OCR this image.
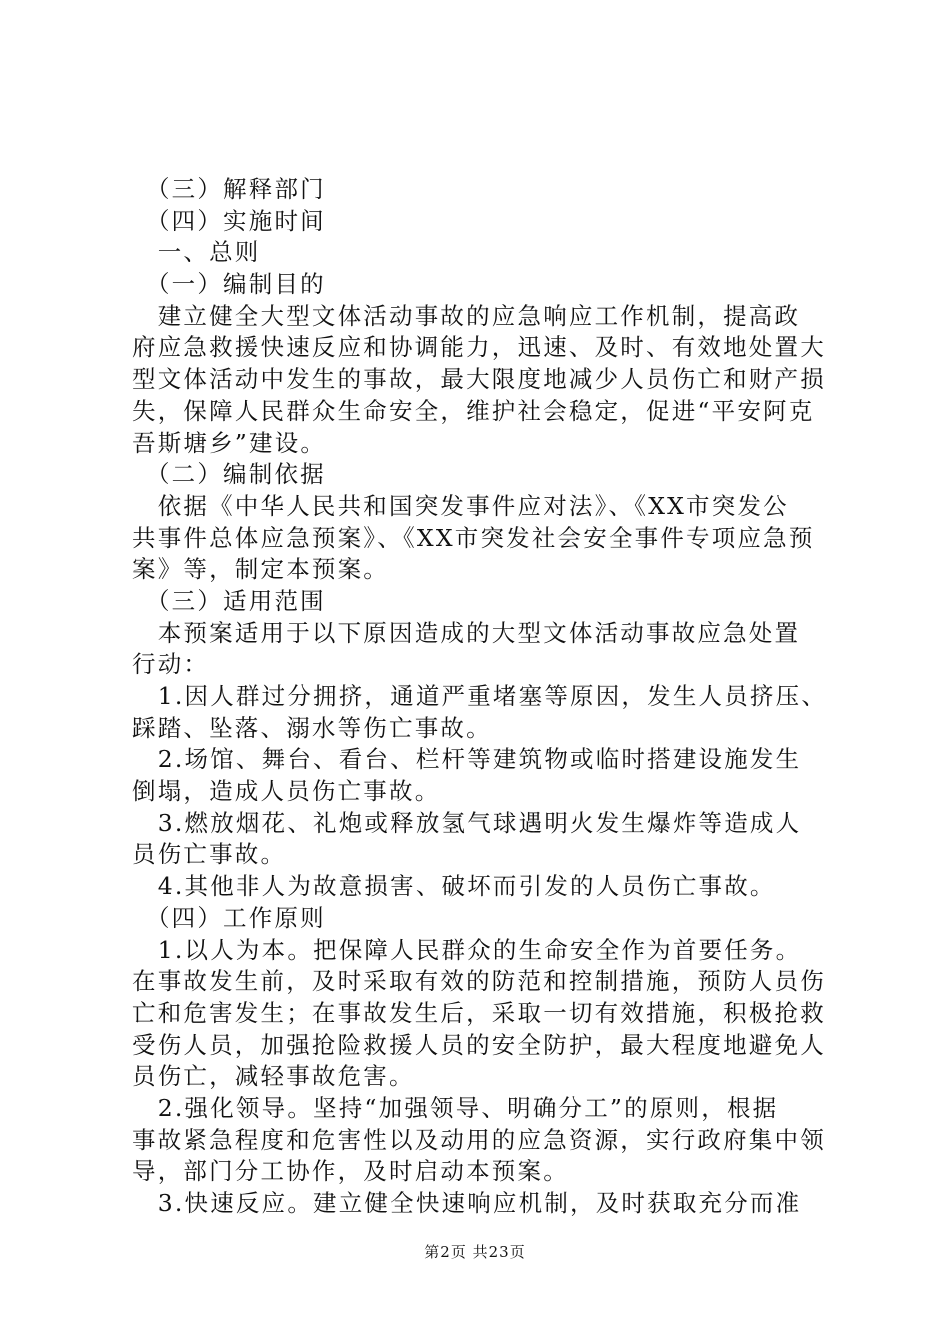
　（三）解释部门
　（四）实施时间
　一、总则
　（一）编制目的
　建立健全大型文体活动事故的应急响应工作机制，提高政
府应急救援快速反应和协调能力，迅速、及时、有效地处置大
型文体活动中发生的事故，最大限度地减少人员伤亡和财产损
失，保障人民群众生命安全，维护社会稳定，促进“平安阿克
吾斯塘乡”建设。
　（二）编制依据
　依据《中华人民共和国突发事件应对法》、《XX市突发公
共事件总体应急预案》、《XX市突发社会安全事件专项应急预
案》等，制定本预案。
　（三）适用范围
　本预案适用于以下原因造成的大型文体活动事故应急处置
行动：
　1.因人群过分拥挤，通道严重堵塞等原因，发生人员挤压、
踩踏、坠落、溺水等伤亡事故。
　2.场馆、舞台、看台、栏杆等建筑物或临时搭建设施发生
倒塌，造成人员伤亡事故。
　3.燃放烟花、礼炮或释放氢气球遇明火发生爆炸等造成人
员伤亡事故。
　4.其他非人为故意损害、破坏而引发的人员伤亡事故。
　（四）工作原则
　1.以人为本。把保障人民群众的生命安全作为首要任务。
在事故发生前，及时采取有效的防范和控制措施，预防人员伤
亡和危害发生；在事故发生后，采取一切有效措施，积极抢救
受伤人员，加强抢险救援人员的安全防护，最大程度地避免人
员伤亡，减轻事故危害。
　2.强化领导。坚持“加强领导、明确分工”的原则，根据
事故紧急程度和危害性以及动用的应急资源，实行政府集中领
导，部门分工协作，及时启动本预案。
　3.快速反应。建立健全快速响应机制，及时获取充分而准
第2页 共23页
